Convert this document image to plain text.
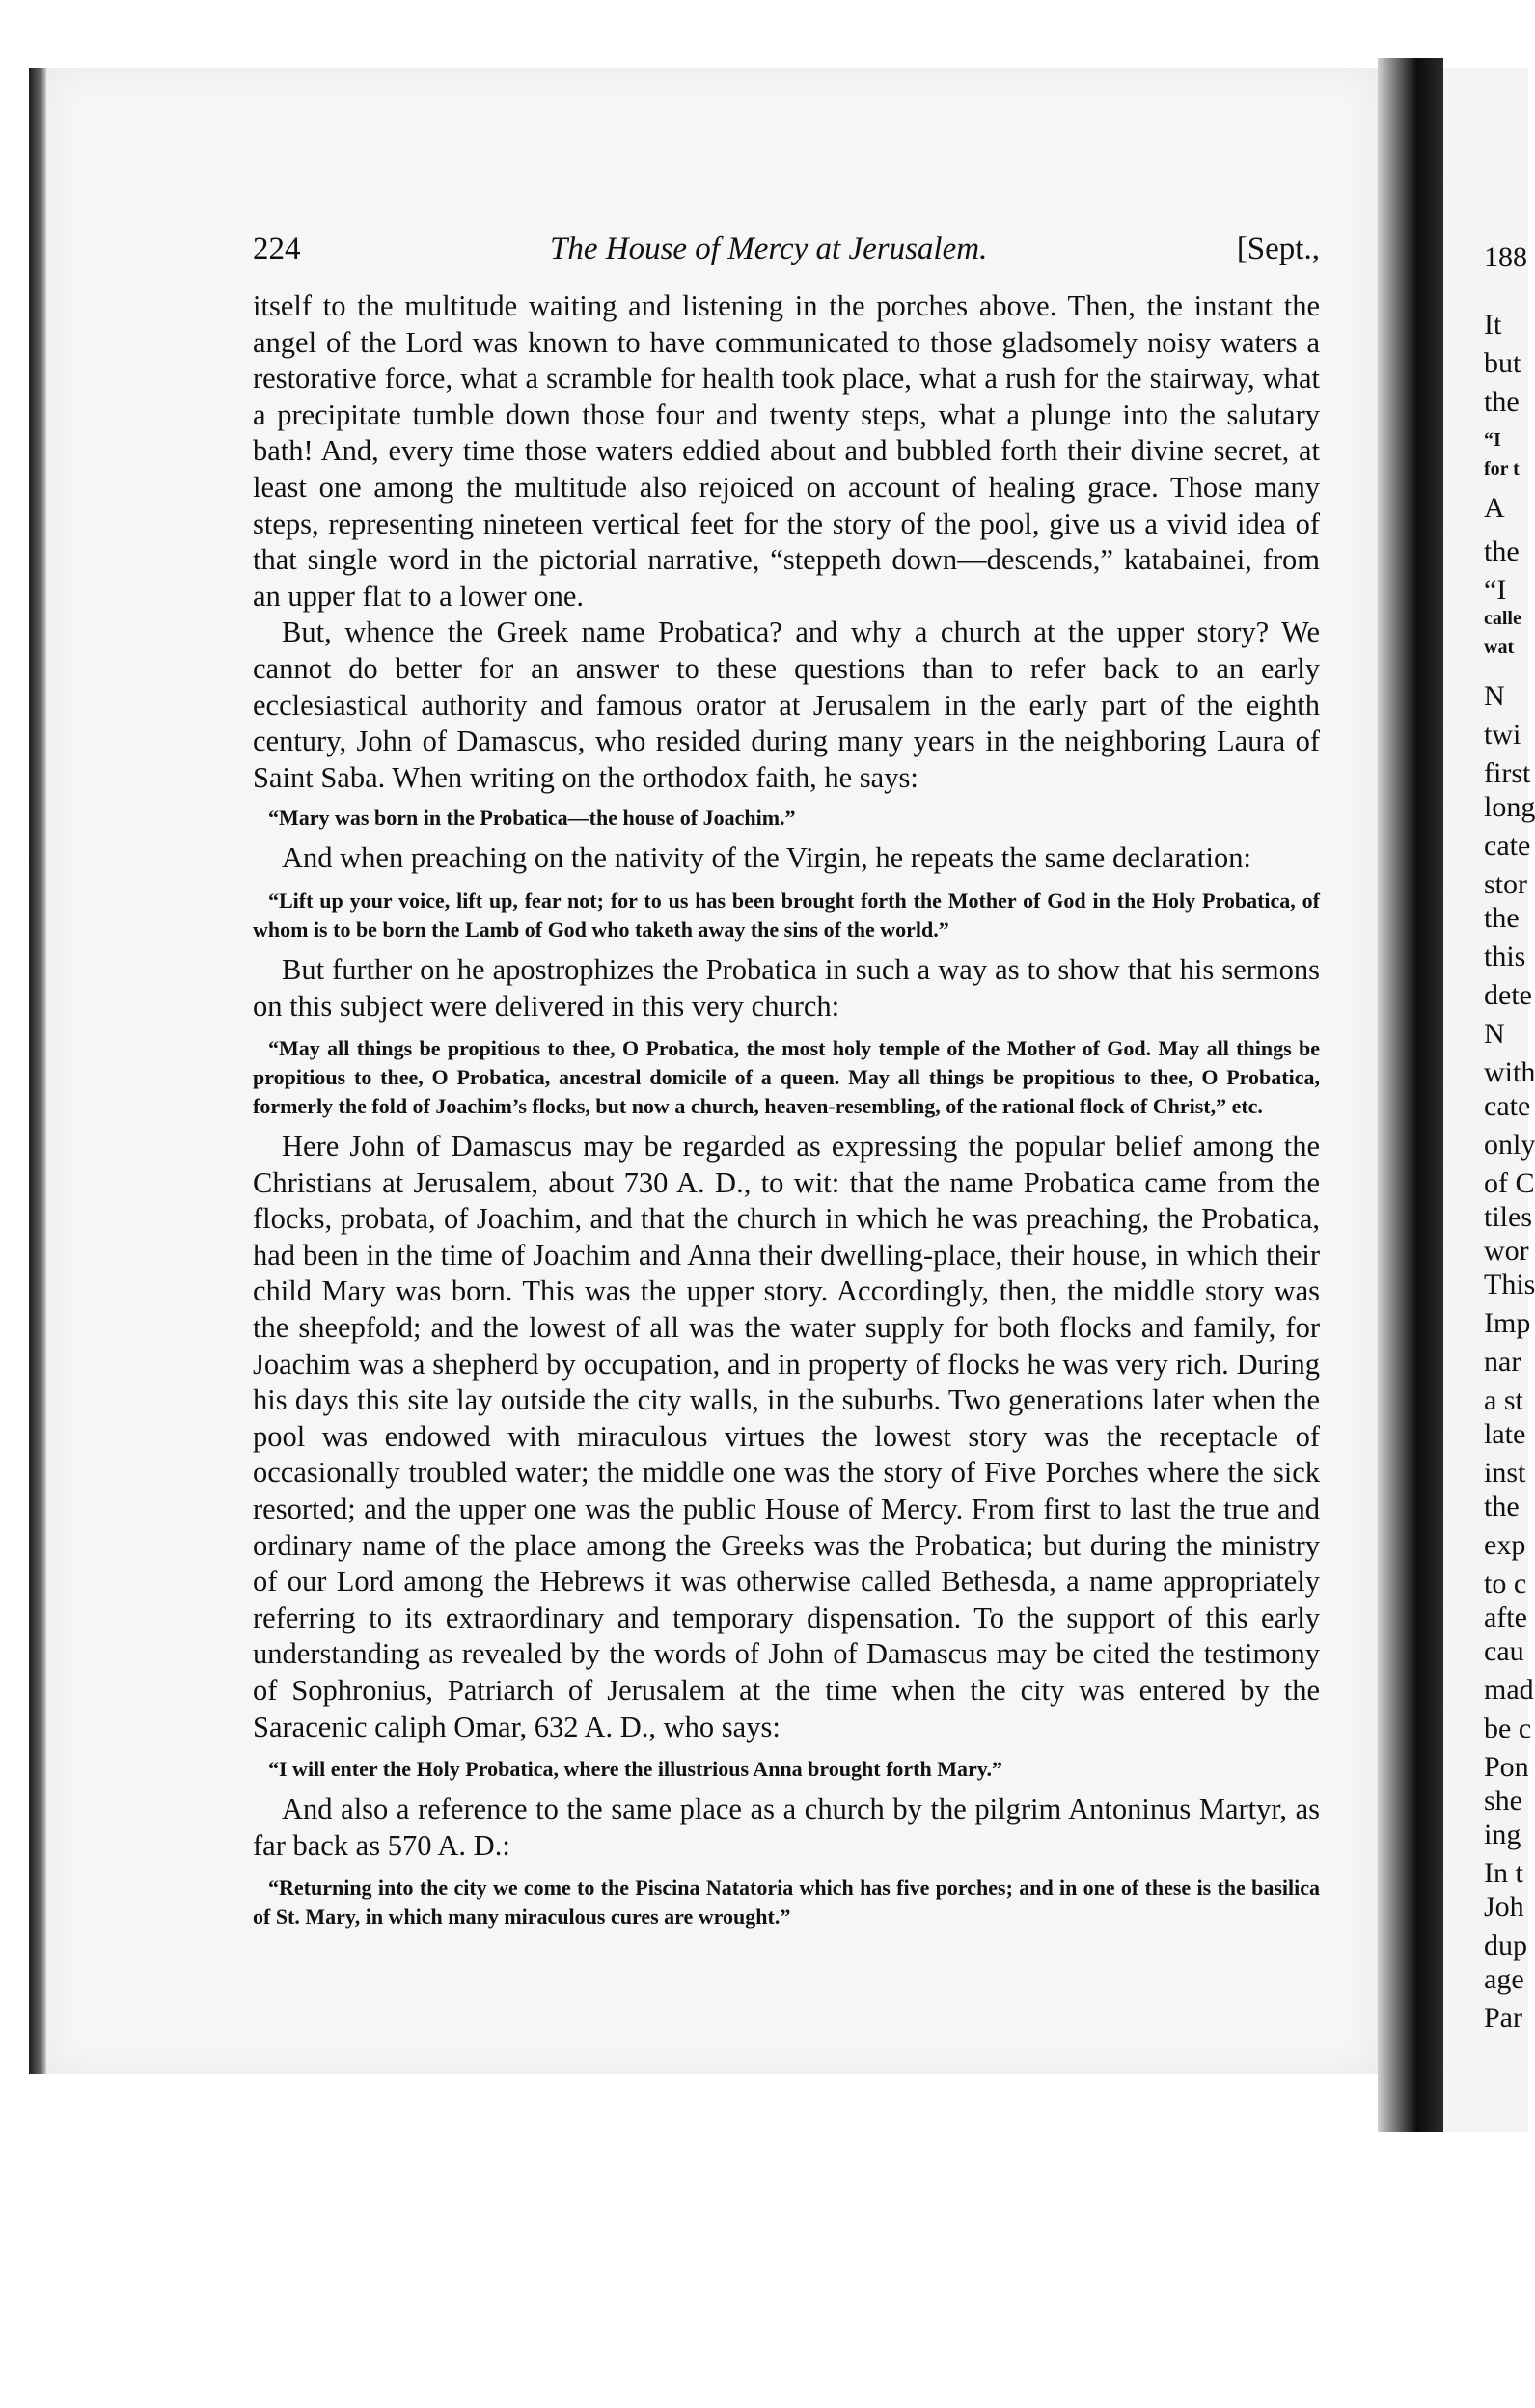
224	The House of Mercy at Jerusalem.	[Sept.,

itself to the multitude waiting and listening in the porches above. Then, the instant the angel of the Lord was known to have communicated to those gladsomely noisy waters a restorative force, what a scramble for health took place, what a rush for the stairway, what a precipitate tumble down those four and twenty steps, what a plunge into the salutary bath! And, every time those waters eddied about and bubbled forth their divine secret, at least one among the multitude also rejoiced on account of healing grace. Those many steps, representing nineteen vertical feet for the story of the pool, give us a vivid idea of that single word in the pictorial narrative, “steppeth down—descends,” katabainei, from an upper flat to a lower one.

But, whence the Greek name Probatica? and why a church at the upper story? We cannot do better for an answer to these questions than to refer back to an early ecclesiastical authority and famous orator at Jerusalem in the early part of the eighth century, John of Damascus, who resided during many years in the neighboring Laura of Saint Saba. When writing on the orthodox faith, he says:

“Mary was born in the Probatica—the house of Joachim.”

And when preaching on the nativity of the Virgin, he repeats the same declaration:

“Lift up your voice, lift up, fear not; for to us has been brought forth the Mother of God in the Holy Probatica, of whom is to be born the Lamb of God who taketh away the sins of the world.”

But further on he apostrophizes the Probatica in such a way as to show that his sermons on this subject were delivered in this very church:

“May all things be propitious to thee, O Probatica, the most holy temple of the Mother of God. May all things be propitious to thee, O Probatica, ancestral domicile of a queen. May all things be propitious to thee, O Probatica, formerly the fold of Joachim’s flocks, but now a church, heaven-resembling, of the rational flock of Christ,” etc.

Here John of Damascus may be regarded as expressing the popular belief among the Christians at Jerusalem, about 730 A. D., to wit: that the name Probatica came from the flocks, probata, of Joachim, and that the church in which he was preaching, the Probatica, had been in the time of Joachim and Anna their dwelling-place, their house, in which their child Mary was born. This was the upper story. Accordingly, then, the middle story was the sheepfold; and the lowest of all was the water supply for both flocks and family, for Joachim was a shepherd by occupation, and in property of flocks he was very rich. During his days this site lay outside the city walls, in the suburbs. Two generations later when the pool was endowed with miraculous virtues the lowest story was the receptacle of occasionally troubled water; the middle one was the story of Five Porches where the sick resorted; and the upper one was the public House of Mercy. From first to last the true and ordinary name of the place among the Greeks was the Probatica; but during the ministry of our Lord among the Hebrews it was otherwise called Bethesda, a name appropriately referring to its extraordinary and temporary dispensation. To the support of this early understanding as revealed by the words of John of Damascus may be cited the testimony of Sophronius, Patriarch of Jerusalem at the time when the city was entered by the Saracenic caliph Omar, 632 A. D., who says:

“I will enter the Holy Probatica, where the illustrious Anna brought forth Mary.”

And also a reference to the same place as a church by the pilgrim Antoninus Martyr, as far back as 570 A. D.:

“Returning into the city we come to the Piscina Natatoria which has five porches; and in one of these is the basilica of St. Mary, in which many miraculous cures are wrought.”

188
It
but
the
“I
for t
A
the
“I
calle
wat
N
twi
first
long
cate
stor
the
this
dete
N
with
cate
only
of C
tiles
wor
This
Imp
nar
a st
late
inst
the
exp
to c
afte
cau
mad
be c
Pon
she
ing
In t
Joh
dup
age
Par
